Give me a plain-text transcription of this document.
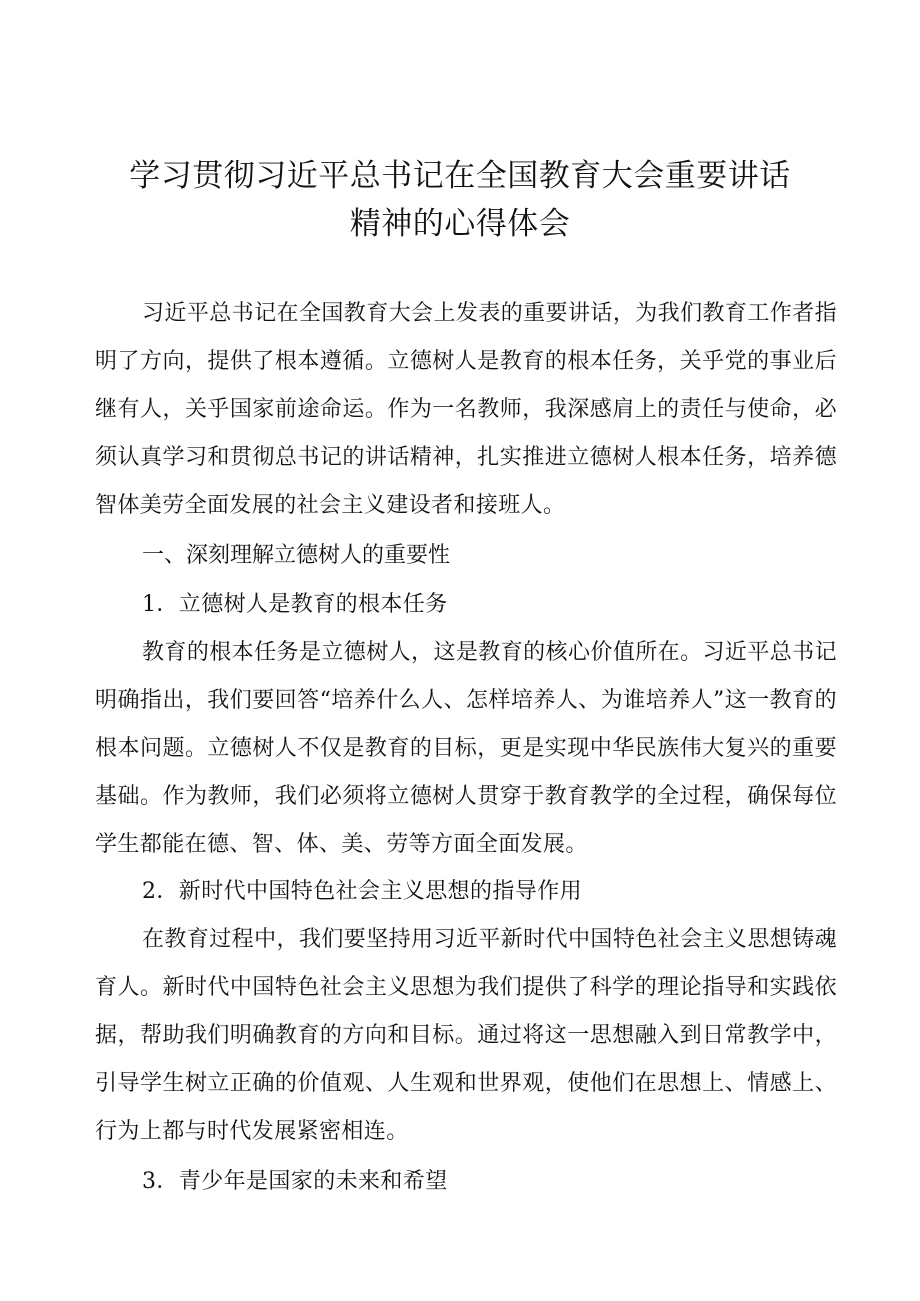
学习贯彻习近平总书记在全国教育大会重要讲话
精神的心得体会

习近平总书记在全国教育大会上发表的重要讲话，为我们教育工作者指明了方向，提供了根本遵循。立德树人是教育的根本任务，关乎党的事业后继有人，关乎国家前途命运。作为一名教师，我深感肩上的责任与使命，必须认真学习和贯彻总书记的讲话精神，扎实推进立德树人根本任务，培养德智体美劳全面发展的社会主义建设者和接班人。

一、深刻理解立德树人的重要性

1．立德树人是教育的根本任务

教育的根本任务是立德树人，这是教育的核心价值所在。习近平总书记明确指出，我们要回答“培养什么人、怎样培养人、为谁培养人”这一教育的根本问题。立德树人不仅是教育的目标，更是实现中华民族伟大复兴的重要基础。作为教师，我们必须将立德树人贯穿于教育教学的全过程，确保每位学生都能在德、智、体、美、劳等方面全面发展。

2．新时代中国特色社会主义思想的指导作用

在教育过程中，我们要坚持用习近平新时代中国特色社会主义思想铸魂育人。新时代中国特色社会主义思想为我们提供了科学的理论指导和实践依据，帮助我们明确教育的方向和目标。通过将这一思想融入到日常教学中，引导学生树立正确的价值观、人生观和世界观，使他们在思想上、情感上、行为上都与时代发展紧密相连。

3．青少年是国家的未来和希望
